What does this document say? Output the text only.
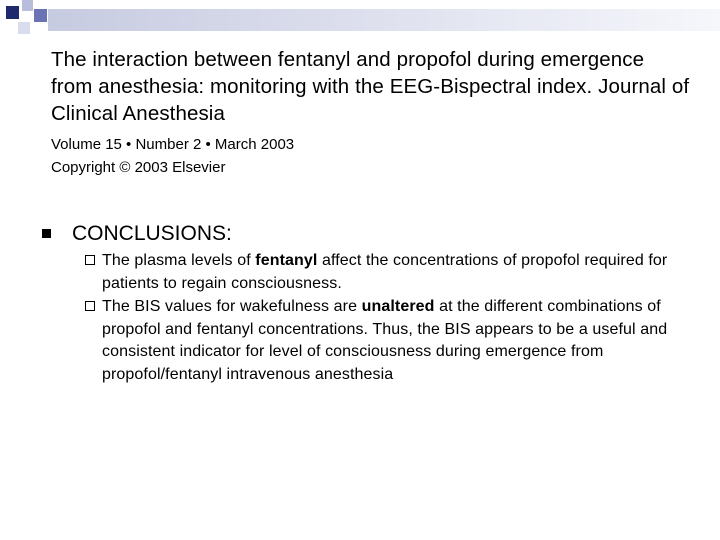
The interaction between fentanyl and propofol during emergence from anesthesia: monitoring with the EEG-Bispectral index. Journal of Clinical Anesthesia
Volume 15 • Number 2 • March 2003
Copyright © 2003 Elsevier
CONCLUSIONS:
The plasma levels of fentanyl affect the concentrations of propofol required for patients to regain consciousness.
The BIS values for wakefulness are unaltered at the different combinations of propofol and fentanyl concentrations. Thus, the BIS appears to be a useful and consistent indicator for level of consciousness during emergence from propofol/fentanyl intravenous anesthesia
